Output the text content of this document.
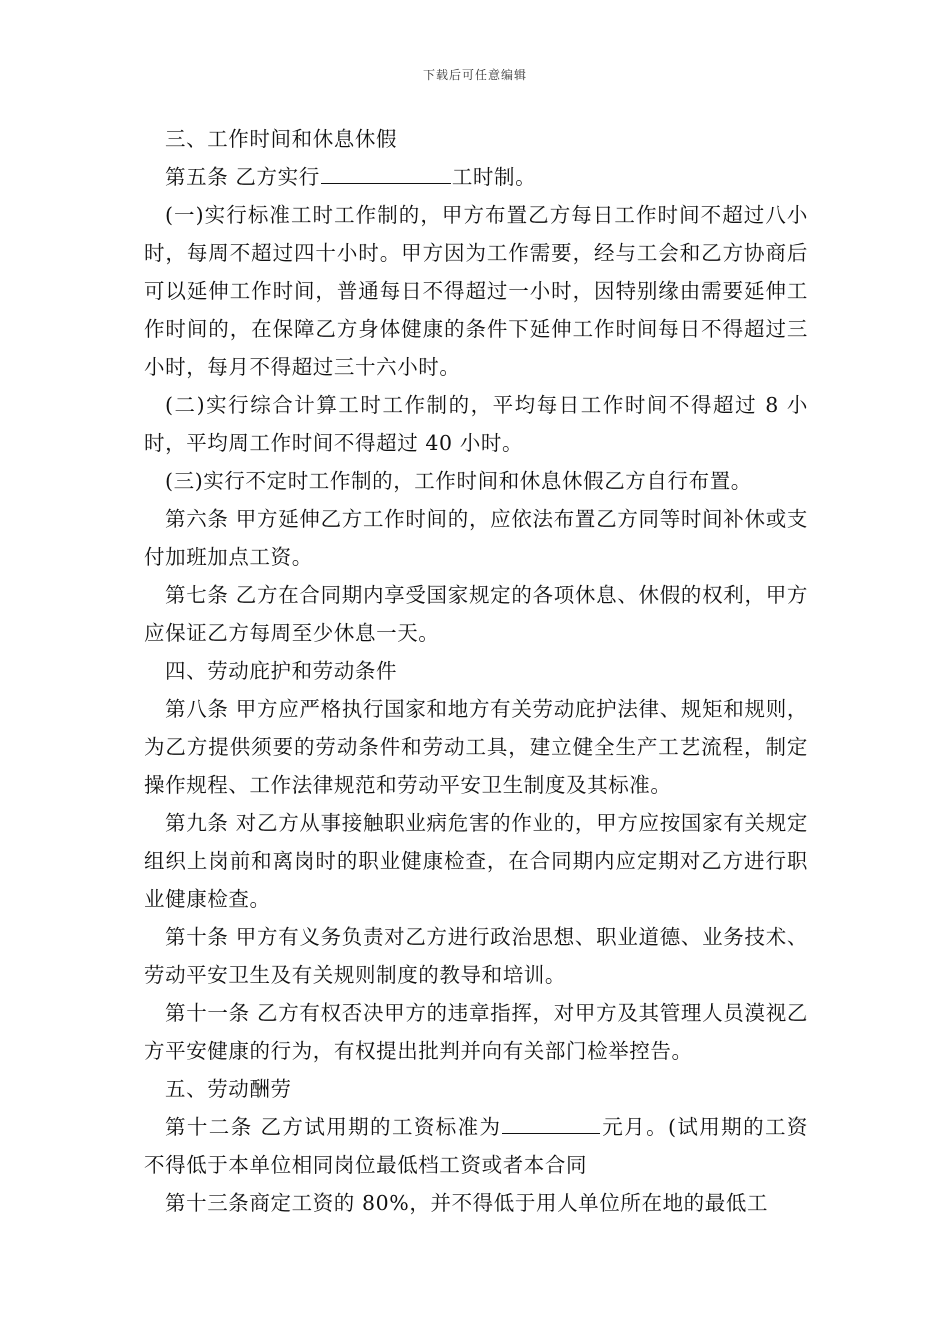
下载后可任意编辑

三、工作时间和休息休假

第五条 乙方实行	工时制。

(一)实行标准工时工作制的，甲方布置乙方每日工作时间不超过八小时，每周不超过四十小时。甲方因为工作需要，经与工会和乙方协商后可以延伸工作时间，普通每日不得超过一小时，因特别缘由需要延伸工作时间的，在保障乙方身体健康的条件下延伸工作时间每日不得超过三小时，每月不得超过三十六小时。

(二)实行综合计算工时工作制的，平均每日工作时间不得超过 8 小时，平均周工作时间不得超过 40 小时。

(三)实行不定时工作制的，工作时间和休息休假乙方自行布置。

第六条 甲方延伸乙方工作时间的，应依法布置乙方同等时间补休或支付加班加点工资。

第七条 乙方在合同期内享受国家规定的各项休息、休假的权利，甲方应保证乙方每周至少休息一天。

四、劳动庇护和劳动条件

第八条 甲方应严格执行国家和地方有关劳动庇护法律、规矩和规则，为乙方提供须要的劳动条件和劳动工具，建立健全生产工艺流程，制定操作规程、工作法律规范和劳动平安卫生制度及其标准。

第九条 对乙方从事接触职业病危害的作业的，甲方应按国家有关规定组织上岗前和离岗时的职业健康检查，在合同期内应定期对乙方进行职业健康检查。

第十条 甲方有义务负责对乙方进行政治思想、职业道德、业务技术、劳动平安卫生及有关规则制度的教导和培训。

第十一条 乙方有权否决甲方的违章指挥，对甲方及其管理人员漠视乙方平安健康的行为，有权提出批判并向有关部门检举控告。

五、劳动酬劳

第十二条 乙方试用期的工资标准为	元月。(试用期的工资不得低于本单位相同岗位最低档工资或者本合同

第十三条商定工资的 80%，并不得低于用人单位所在地的最低工
